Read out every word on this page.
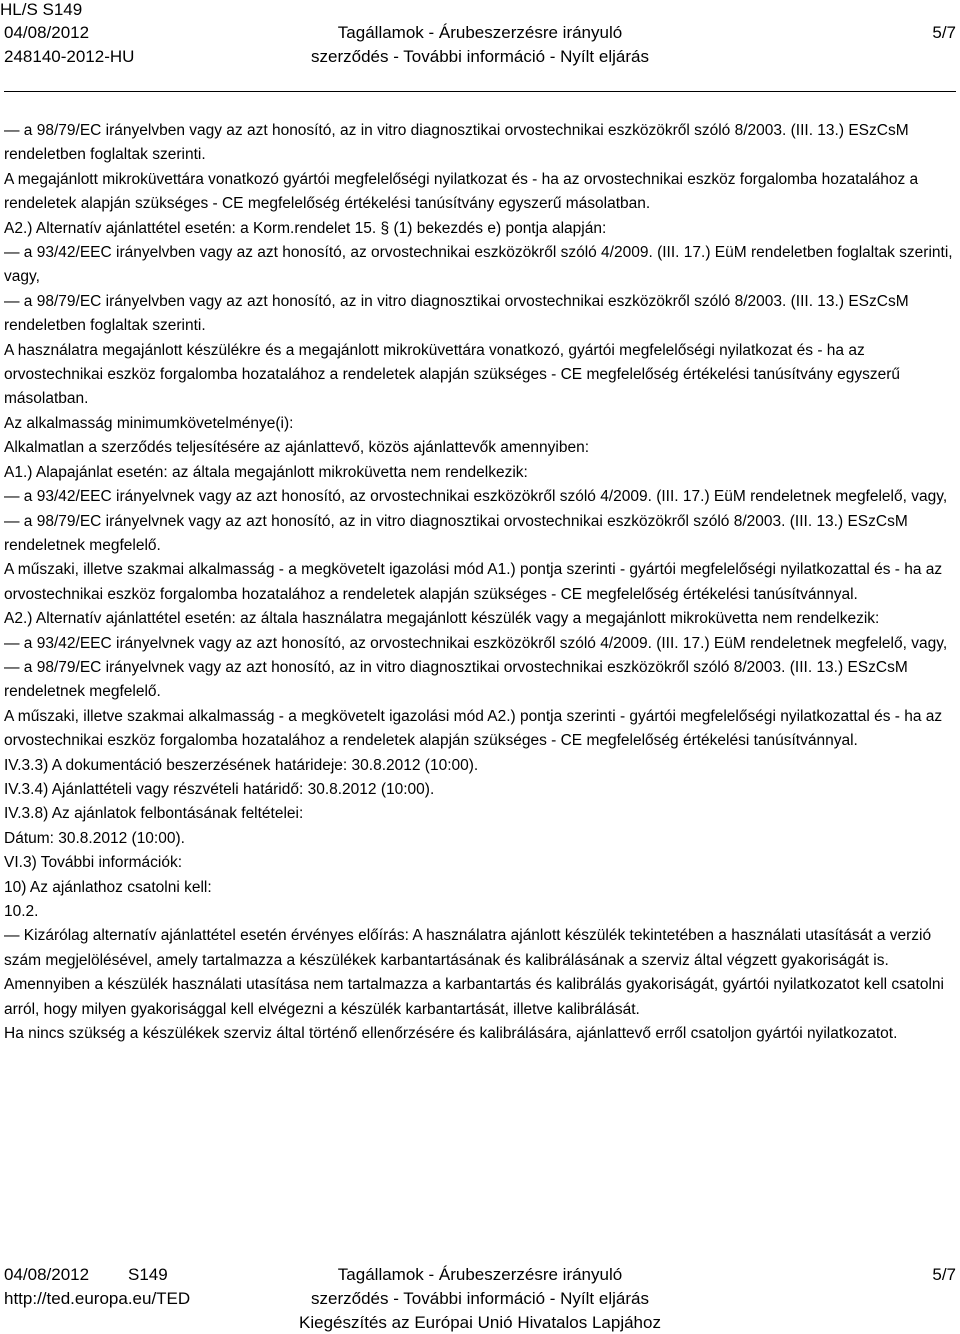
HL/S S149
04/08/2012
248140-2012-HU
Tagállamok - Árubeszerzésre irányuló
szerződés - További információ - Nyílt eljárás
5/7

— a 98/79/EC irányelvben vagy az azt honosító, az in vitro diagnosztikai orvostechnikai eszközökről szóló 8/2003. (III. 13.) ESzCsM rendeletben foglaltak szerinti.

A megajánlott mikroküvettára vonatkozó gyártói megfelelőségi nyilatkozat és - ha az orvostechnikai eszköz forgalomba hozatalához a rendeletek alapján szükséges - CE megfelelőség értékelési tanúsítvány egyszerű másolatban.

A2.) Alternatív ajánlattétel esetén: a Korm.rendelet 15. § (1) bekezdés e) pontja alapján:

— a 93/42/EEC irányelvben vagy az azt honosító, az orvostechnikai eszközökről szóló 4/2009. (III. 17.) EüM rendeletben foglaltak szerinti, vagy,

— a 98/79/EC irányelvben vagy az azt honosító, az in vitro diagnosztikai orvostechnikai eszközökről szóló 8/2003. (III. 13.) ESzCsM rendeletben foglaltak szerinti.

A használatra megajánlott készülékre és a megajánlott mikroküvettára vonatkozó, gyártói megfelelőségi nyilatkozat és - ha az orvostechnikai eszköz forgalomba hozatalához a rendeletek alapján szükséges - CE megfelelőség értékelési tanúsítvány egyszerű másolatban.

Az alkalmasság minimumkövetelménye(i):

Alkalmatlan a szerződés teljesítésére az ajánlattevő, közös ajánlattevők amennyiben:

A1.) Alapajánlat esetén: az általa megajánlott mikroküvetta nem rendelkezik:

— a 93/42/EEC irányelvnek vagy az azt honosító, az orvostechnikai eszközökről szóló 4/2009. (III. 17.) EüM rendeletnek megfelelő, vagy,

— a 98/79/EC irányelvnek vagy az azt honosító, az in vitro diagnosztikai orvostechnikai eszközökről szóló 8/2003. (III. 13.) ESzCsM rendeletnek megfelelő.

A műszaki, illetve szakmai alkalmasság - a megkövetelt igazolási mód A1.) pontja szerinti - gyártói megfelelőségi nyilatkozattal és - ha az orvostechnikai eszköz forgalomba hozatalához a rendeletek alapján szükséges - CE megfelelőség értékelési tanúsítvánnyal.

A2.) Alternatív ajánlattétel esetén: az általa használatra megajánlott készülék vagy a megajánlott mikroküvetta nem rendelkezik:

— a 93/42/EEC irányelvnek vagy az azt honosító, az orvostechnikai eszközökről szóló 4/2009. (III. 17.) EüM rendeletnek megfelelő, vagy,

— a 98/79/EC irányelvnek vagy az azt honosító, az in vitro diagnosztikai orvostechnikai eszközökről szóló 8/2003. (III. 13.) ESzCsM rendeletnek megfelelő.

A műszaki, illetve szakmai alkalmasság - a megkövetelt igazolási mód A2.) pontja szerinti - gyártói megfelelőségi nyilatkozattal és - ha az orvostechnikai eszköz forgalomba hozatalához a rendeletek alapján szükséges - CE megfelelőség értékelési tanúsítvánnyal.

IV.3.3) A dokumentáció beszerzésének határideje: 30.8.2012 (10:00).

IV.3.4) Ajánlattételi vagy részvételi határidő: 30.8.2012 (10:00).

IV.3.8) Az ajánlatok felbontásának feltételei:

Dátum: 30.8.2012 (10:00).

VI.3) További információk:

10) Az ajánlathoz csatolni kell:

10.2.

— Kizárólag alternatív ajánlattétel esetén érvényes előírás: A használatra ajánlott készülék tekintetében a használati utasítását a verzió szám megjelölésével, amely tartalmazza a készülékek karbantartásának és kalibrálásának a szerviz által végzett gyakoriságát is. Amennyiben a készülék használati utasítása nem tartalmazza a karbantartás és kalibrálás gyakoriságát, gyártói nyilatkozatot kell csatolni arról, hogy milyen gyakorisággal kell elvégezni a készülék karbantartását, illetve kalibrálását.

Ha nincs szükség a készülékek szerviz által történő ellenőrzésére és kalibrálására, ajánlattevő erről csatoljon gyártói nyilatkozatot.

04/08/2012 S149
http://ted.europa.eu/TED
Tagállamok - Árubeszerzésre irányuló
szerződés - További információ - Nyílt eljárás
Kiegészítés az Európai Unió Hivatalos Lapjához
5/7
